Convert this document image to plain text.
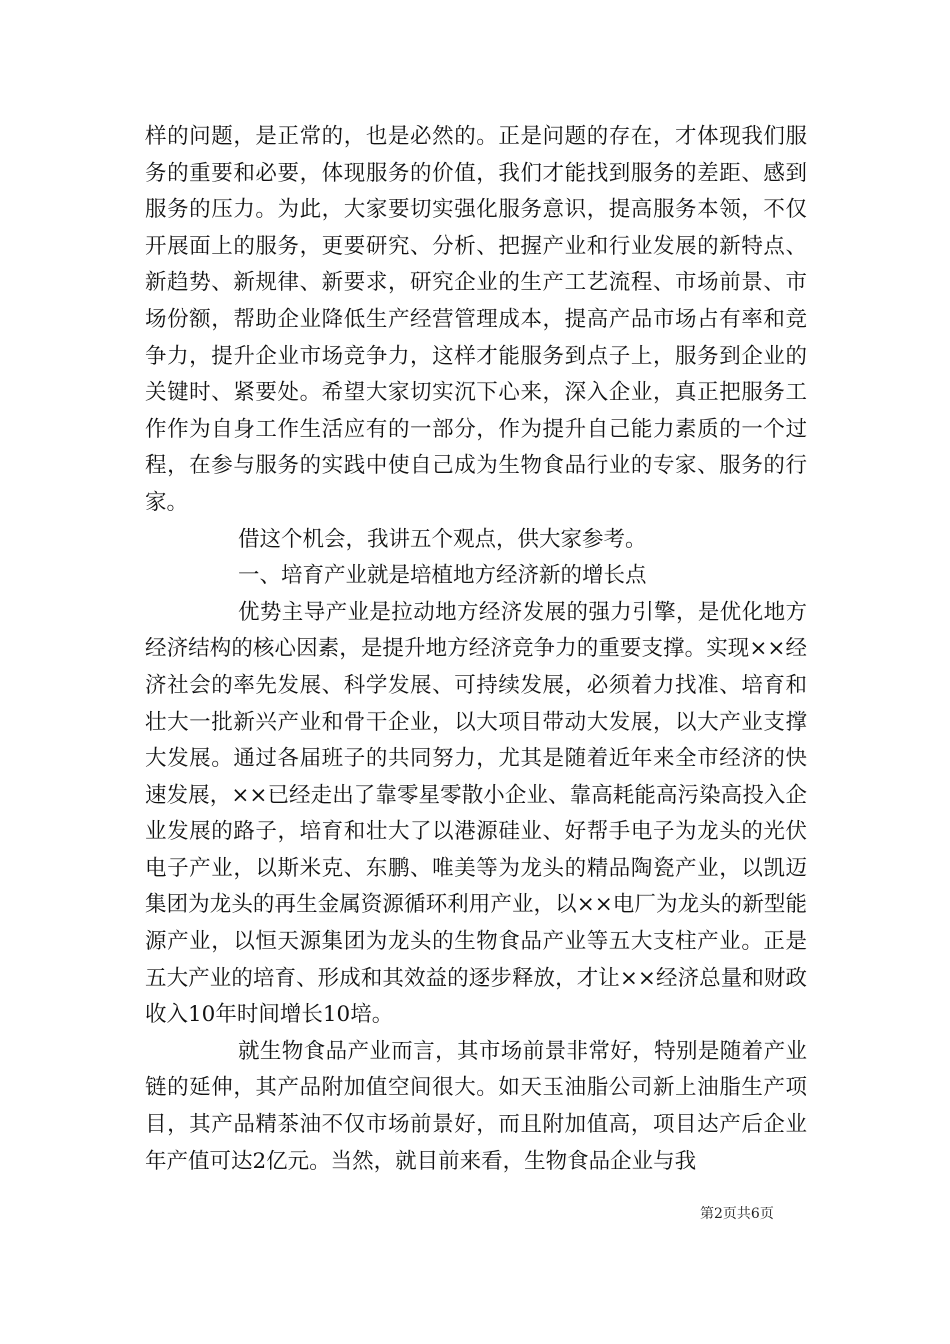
样的问题，是正常的，也是必然的。正是问题的存在，才体现我们服务的重要和必要，体现服务的价值，我们才能找到服务的差距、感到服务的压力。为此，大家要切实强化服务意识，提高服务本领，不仅开展面上的服务，更要研究、分析、把握产业和行业发展的新特点、新趋势、新规律、新要求，研究企业的生产工艺流程、市场前景、市场份额，帮助企业降低生产经营管理成本，提高产品市场占有率和竞争力，提升企业市场竞争力，这样才能服务到点子上，服务到企业的关键时、紧要处。希望大家切实沉下心来，深入企业，真正把服务工作作为自身工作生活应有的一部分，作为提升自己能力素质的一个过程，在参与服务的实践中使自己成为生物食品行业的专家、服务的行家。

借这个机会，我讲五个观点，供大家参考。

一、培育产业就是培植地方经济新的增长点

优势主导产业是拉动地方经济发展的强力引擎，是优化地方经济结构的核心因素，是提升地方经济竞争力的重要支撑。实现××经济社会的率先发展、科学发展、可持续发展，必须着力找准、培育和壮大一批新兴产业和骨干企业，以大项目带动大发展，以大产业支撑大发展。通过各届班子的共同努力，尤其是随着近年来全市经济的快速发展，××已经走出了靠零星零散小企业、靠高耗能高污染高投入企业发展的路子，培育和壮大了以港源硅业、好帮手电子为龙头的光伏电子产业，以斯米克、东鹏、唯美等为龙头的精品陶瓷产业，以凯迈集团为龙头的再生金属资源循环利用产业，以××电厂为龙头的新型能源产业，以恒天源集团为龙头的生物食品产业等五大支柱产业。正是五大产业的培育、形成和其效益的逐步释放，才让××经济总量和财政收入10年时间增长10培。

就生物食品产业而言，其市场前景非常好，特别是随着产业链的延伸，其产品附加值空间很大。如天玉油脂公司新上油脂生产项目，其产品精茶油不仅市场前景好，而且附加值高，项目达产后企业年产值可达2亿元。当然，就目前来看，生物食品企业与我

第2页共6页
